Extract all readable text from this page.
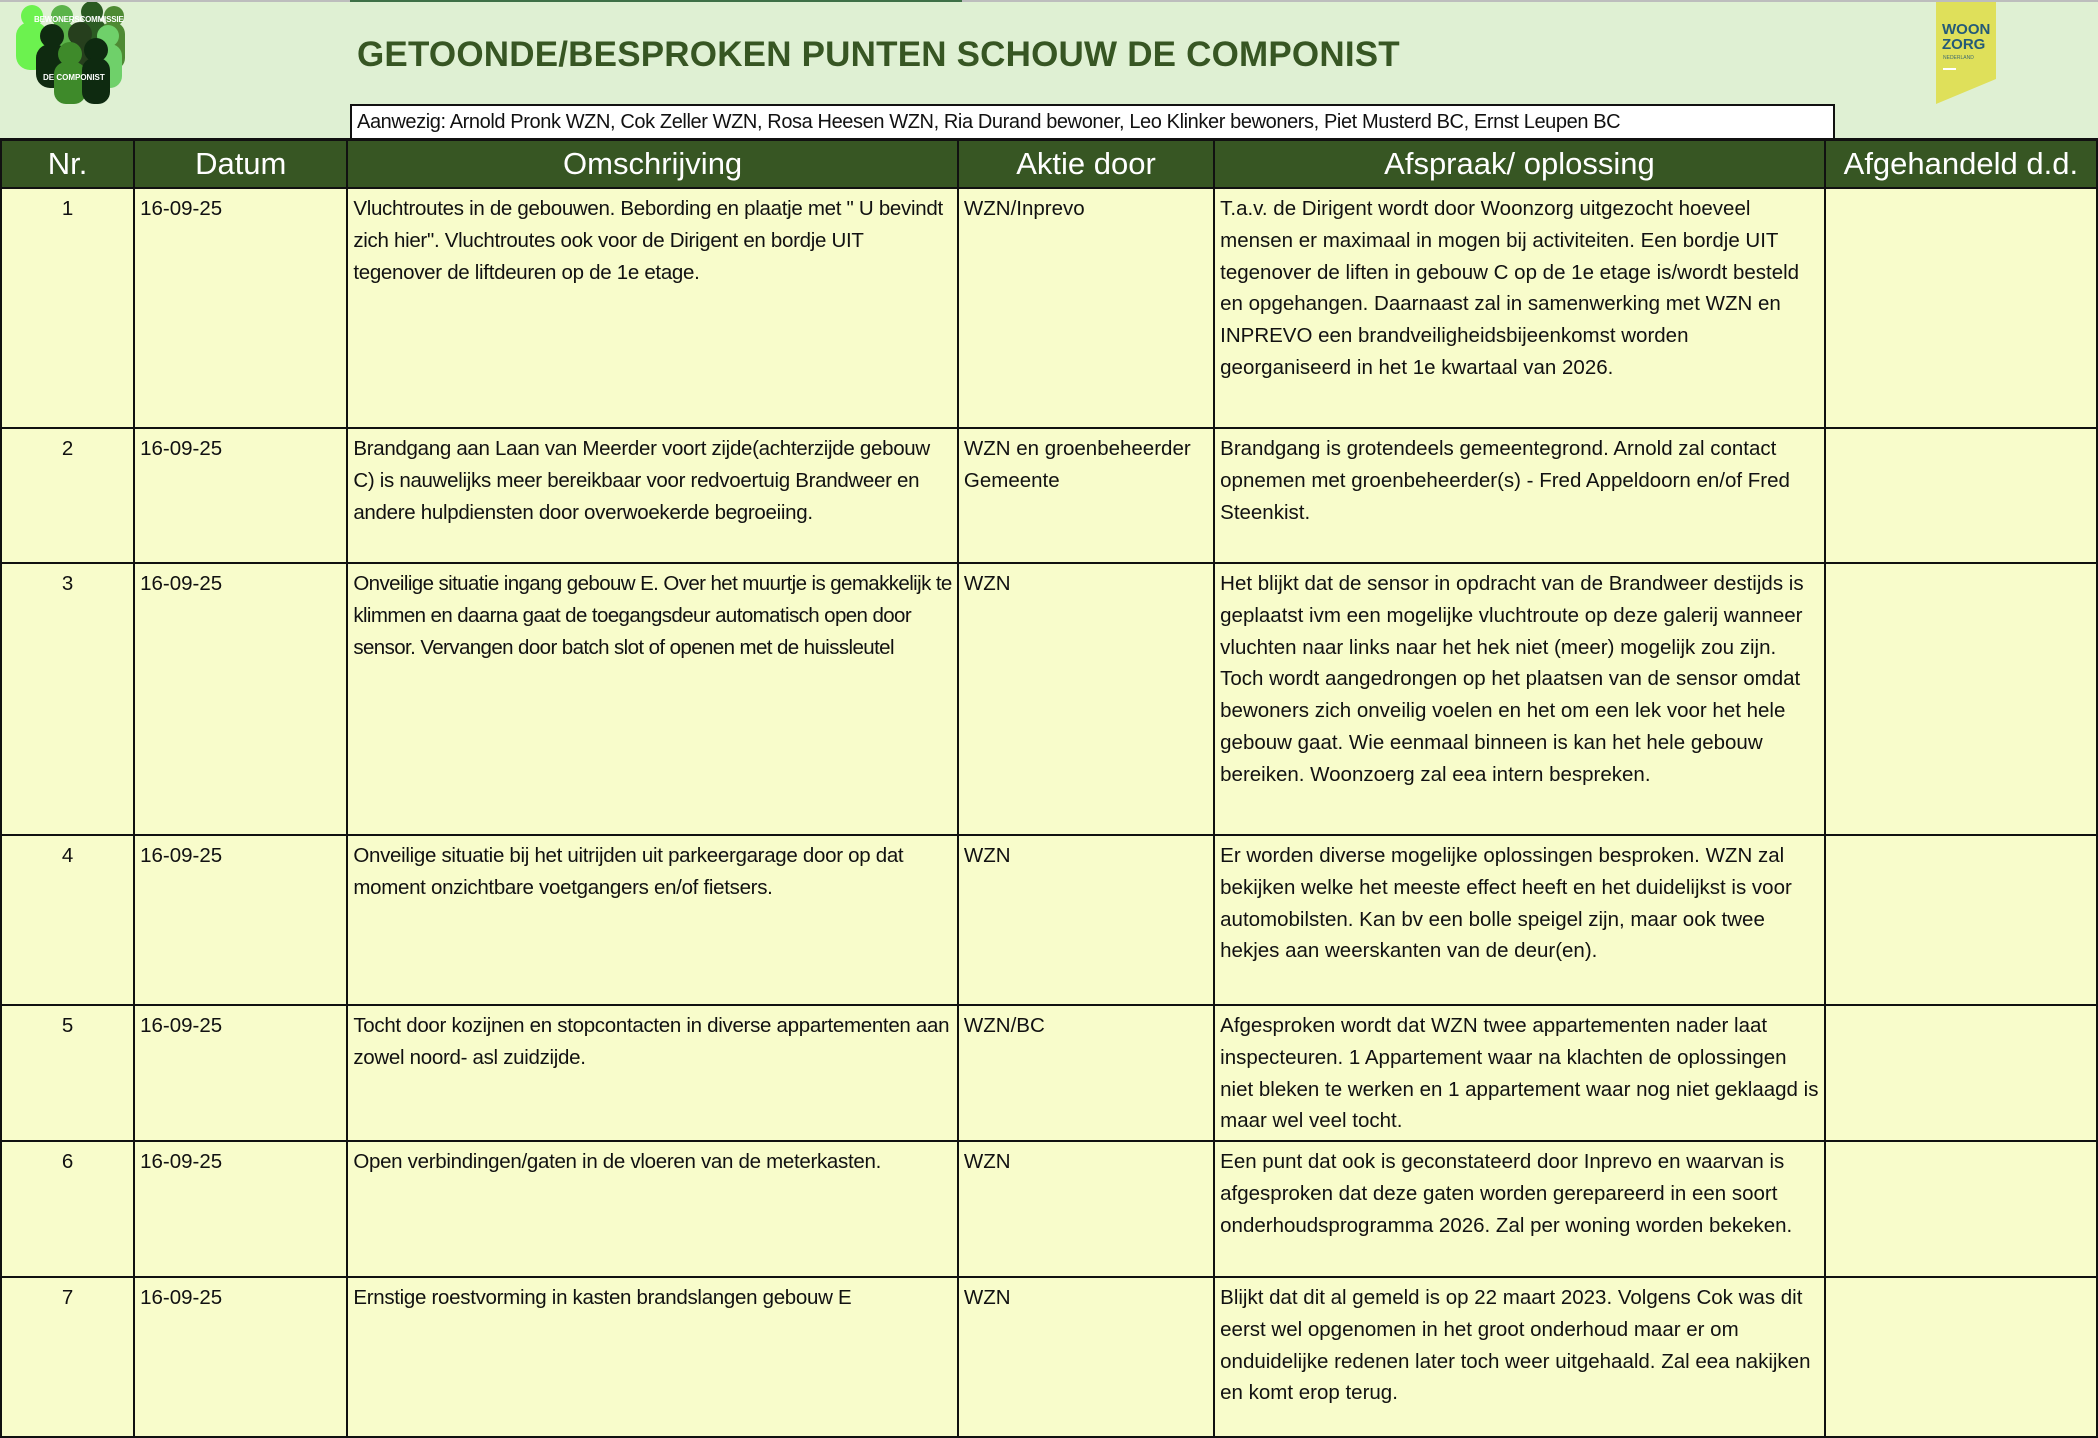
BEWONERSCOMMISSIE
DE COMPONIST
WOON
ZORG
NEDERLAND
GETOONDE/BESPROKEN PUNTEN SCHOUW DE COMPONIST
Aanwezig: Arnold Pronk WZN, Cok Zeller WZN, Rosa Heesen WZN, Ria Durand bewoner, Leo Klinker bewoners, Piet Musterd BC, Ernst Leupen BC
Nr.	Datum	Omschrijving	Aktie door	Afspraak/ oplossing	Afgehandeld d.d.
1	16-09-25	Vluchtroutes in de gebouwen. Bebording en plaatje met " U bevindt zich hier". Vluchtroutes ook voor de Dirigent en bordje UIT tegenover de liftdeuren op de 1e etage.	WZN/Inprevo	T.a.v. de Dirigent wordt door Woonzorg uitgezocht hoeveel mensen er maximaal in mogen bij activiteiten. Een bordje UIT tegenover de liften in gebouw C op de 1e etage is/wordt besteld en opgehangen. Daarnaast zal in samenwerking met WZN en INPREVO een brandveiligheidsbijeenkomst worden georganiseerd in het 1e kwartaal van 2026.	
2	16-09-25	Brandgang aan Laan van Meerder voort zijde(achterzijde gebouw C) is nauwelijks meer bereikbaar voor redvoertuig Brandweer en andere hulpdiensten door overwoekerde begroeiing.	WZN en groenbeheerder Gemeente	Brandgang is grotendeels gemeentegrond. Arnold zal contact opnemen met groenbeheerder(s) - Fred Appeldoorn en/of Fred Steenkist.	
3	16-09-25	Onveilige situatie ingang gebouw E. Over het muurtje is gemakkelijk te klimmen en daarna gaat de toegangsdeur automatisch open door sensor. Vervangen door batch slot of openen met de huissleutel	WZN	Het blijkt dat de sensor in opdracht van de Brandweer destijds is geplaatst ivm een mogelijke vluchtroute op deze galerij wanneer vluchten naar links naar het hek niet (meer) mogelijk zou zijn. Toch wordt aangedrongen op het plaatsen van de sensor omdat bewoners zich onveilig voelen en het om een lek voor het hele gebouw gaat. Wie eenmaal binneen is kan het hele gebouw bereiken. Woonzoerg zal eea intern bespreken.	
4	16-09-25	Onveilige situatie bij het uitrijden uit parkeergarage door op dat moment onzichtbare voetgangers en/of fietsers.	WZN	Er worden diverse mogelijke oplossingen besproken. WZN zal bekijken welke het meeste effect heeft en het duidelijkst is voor automobilsten. Kan bv een bolle speigel zijn, maar ook twee hekjes aan weerskanten van de deur(en).	
5	16-09-25	Tocht door kozijnen en stopcontacten in diverse appartementen aan zowel noord- asl zuidzijde.	WZN/BC	Afgesproken wordt dat WZN twee appartementen nader laat inspecteuren. 1 Appartement waar na klachten de oplossingen niet bleken te werken en 1 appartement waar nog niet geklaagd is maar wel veel tocht.	
6	16-09-25	Open verbindingen/gaten in de vloeren van de meterkasten.	WZN	Een punt dat ook is geconstateerd door Inprevo en waarvan is afgesproken dat deze gaten worden gerepareerd in een soort onderhoudsprogramma 2026. Zal per woning worden bekeken.	
7	16-09-25	Ernstige roestvorming in kasten brandslangen gebouw E	WZN	Blijkt dat dit al gemeld is op 22 maart 2023. Volgens Cok was dit eerst wel opgenomen in het groot onderhoud maar er om onduidelijke redenen later toch weer uitgehaald. Zal eea nakijken en komt erop terug.	
